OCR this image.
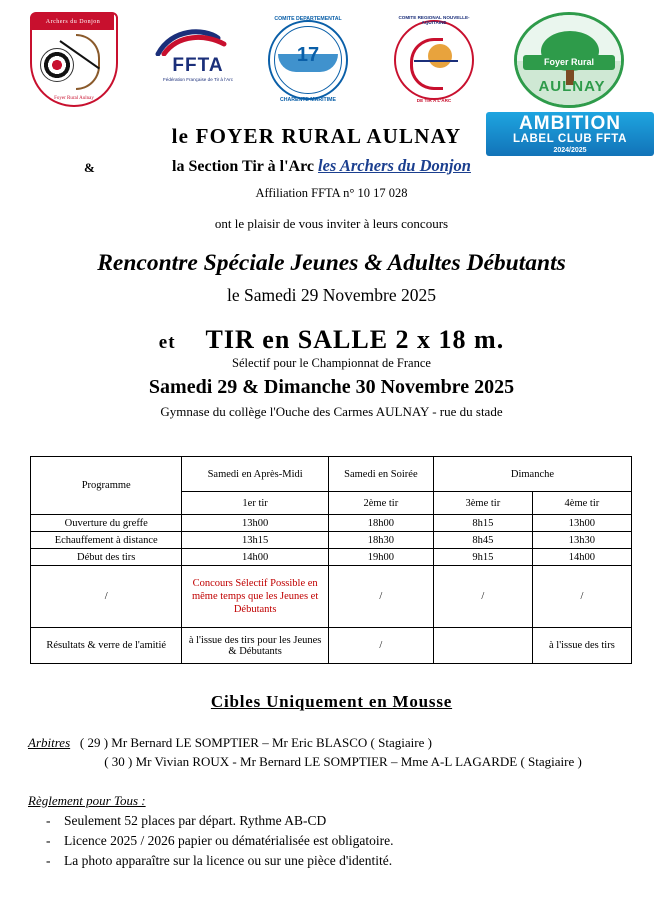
Archers du Donjon
Foyer Rural Aulnay
FFTA
Fédération Française de Tir à l'Arc
COMITE DEPARTEMENTAL
17
CHARENTE MARITIME
COMITE REGIONAL NOUVELLE-AQUITAINE
DE TIR A L'ARC
Foyer Rural
AULNAY
AMBITION
LABEL CLUB FFTA
2024/2025
le FOYER RURAL AULNAY
&	la Section Tir à l'Arc les Archers du Donjon
Affiliation FFTA n° 10 17 028
ont le plaisir de vous inviter à leurs concours
Rencontre Spéciale Jeunes & Adultes Débutants
le Samedi 29 Novembre 2025
et TIR en SALLE 2 x 18 m.
Sélectif pour le Championnat de France
Samedi 29 & Dimanche 30 Novembre 2025
Gymnase du collège l'Ouche des Carmes AULNAY - rue du stade
Programme	Samedi en Après-Midi	Samedi en Soirée	Dimanche	
	1er tir	2ème tir	3ème tir	4ème tir
Ouverture du greffe	13h00	18h00	8h15	13h00
Echauffement à distance	13h15	18h30	8h45	13h30
Début des tirs	14h00	19h00	9h15	14h00
/	Concours Sélectif Possible en même temps que les Jeunes et Débutants	/	/	/
Résultats & verre de l'amitié	à l'issue des tirs pour les Jeunes & Débutants	/		à l'issue des tirs
Cibles Uniquement en Mousse
Arbitres ( 29 ) Mr Bernard LE SOMPTIER – Mr Eric BLASCO ( Stagiaire )
( 30 ) Mr Vivian ROUX - Mr Bernard LE SOMPTIER – Mme A-L LAGARDE ( Stagiaire )
Règlement pour Tous :
- Seulement 52 places par départ. Rythme AB-CD
- Licence 2025 / 2026 papier ou dématérialisée est obligatoire.
- La photo apparaître sur la licence ou sur une pièce d'identité.
